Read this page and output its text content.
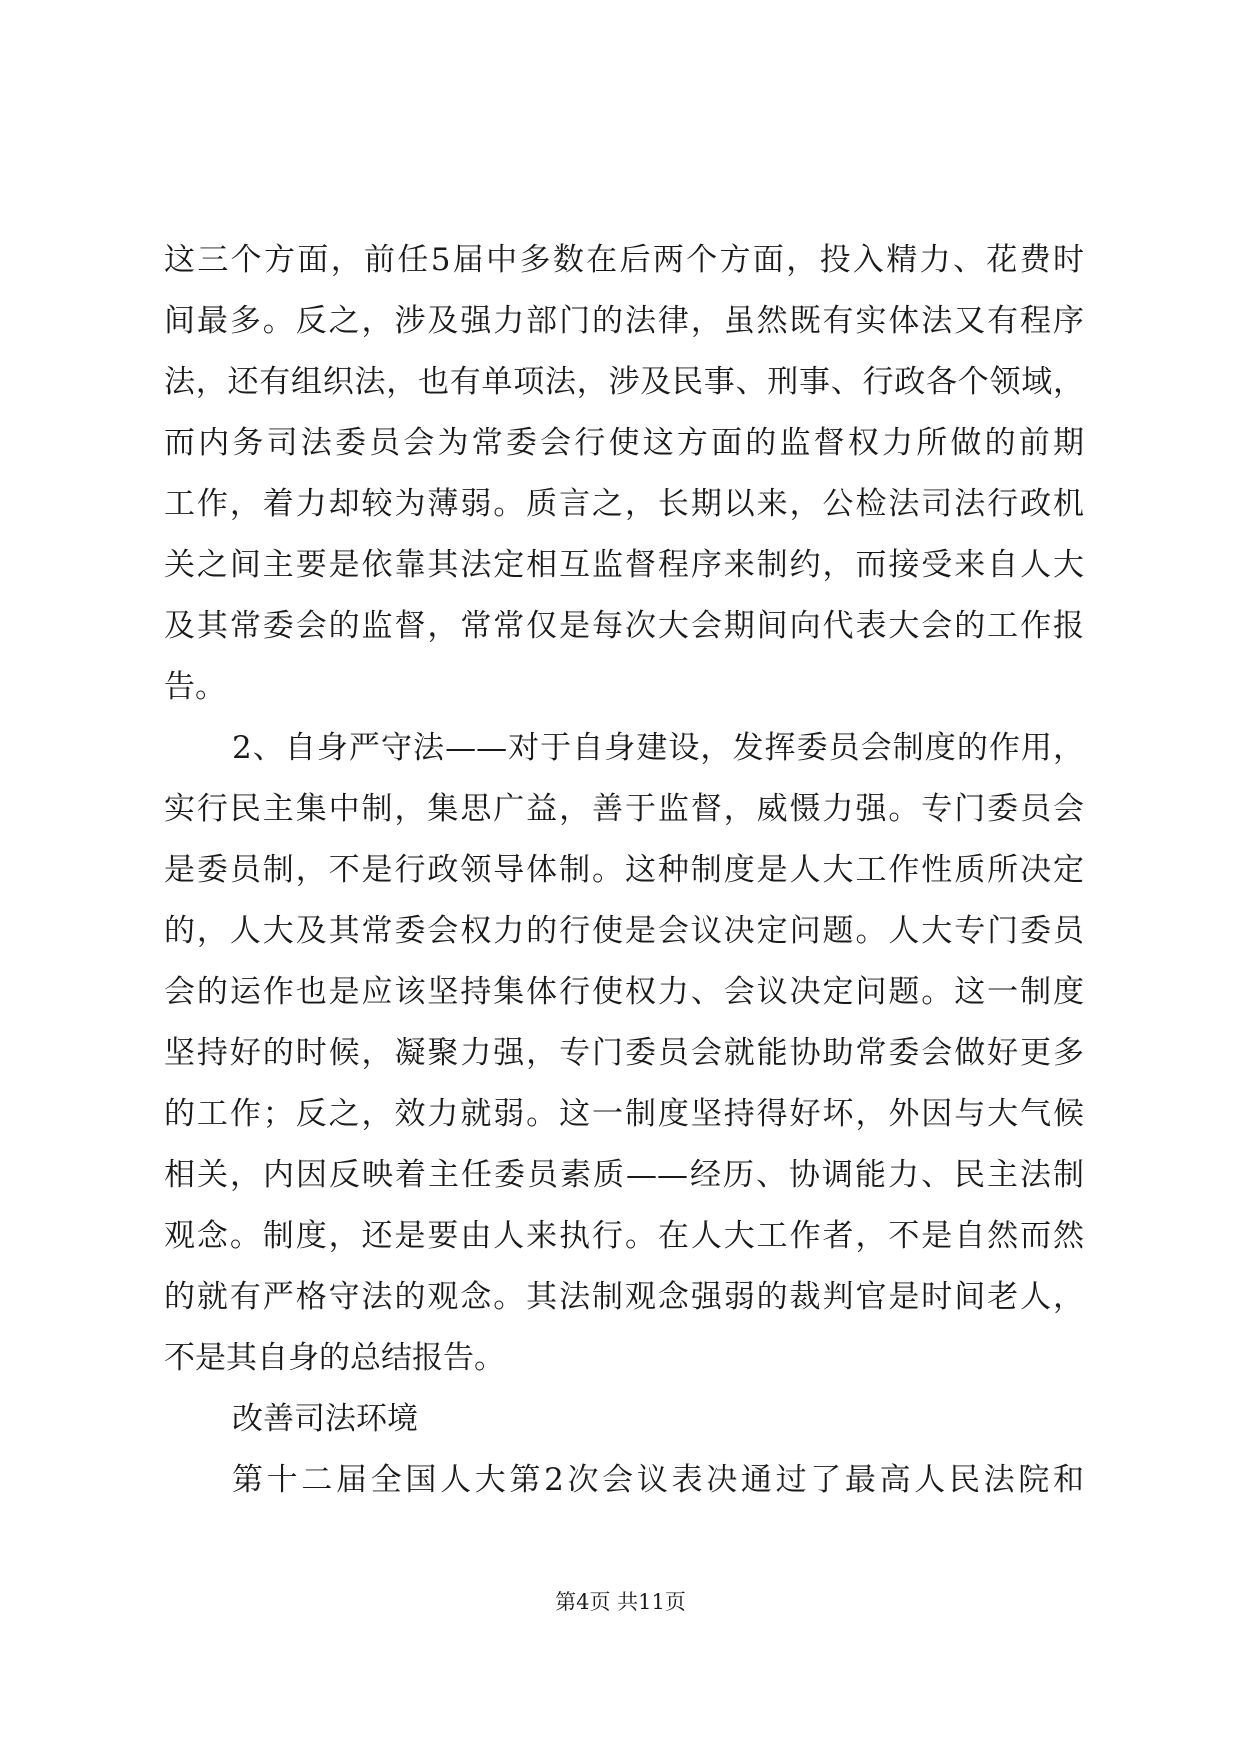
这三个方面，前任5届中多数在后两个方面，投入精力、花费时
间最多。反之，涉及强力部门的法律，虽然既有实体法又有程序
法，还有组织法，也有单项法，涉及民事、刑事、行政各个领域，
而内务司法委员会为常委会行使这方面的监督权力所做的前期
工作，着力却较为薄弱。质言之，长期以来，公检法司法行政机
关之间主要是依靠其法定相互监督程序来制约，而接受来自人大
及其常委会的监督，常常仅是每次大会期间向代表大会的工作报
告。
2、自身严守法——对于自身建设，发挥委员会制度的作用，
实行民主集中制，集思广益，善于监督，威慑力强。专门委员会
是委员制，不是行政领导体制。这种制度是人大工作性质所决定
的，人大及其常委会权力的行使是会议决定问题。人大专门委员
会的运作也是应该坚持集体行使权力、会议决定问题。这一制度
坚持好的时候，凝聚力强，专门委员会就能协助常委会做好更多
的工作；反之，效力就弱。这一制度坚持得好坏，外因与大气候
相关，内因反映着主任委员素质——经历、协调能力、民主法制
观念。制度，还是要由人来执行。在人大工作者，不是自然而然
的就有严格守法的观念。其法制观念强弱的裁判官是时间老人，
不是其自身的总结报告。
改善司法环境
第十二届全国人大第2次会议表决通过了最高人民法院和
第4页 共11页
